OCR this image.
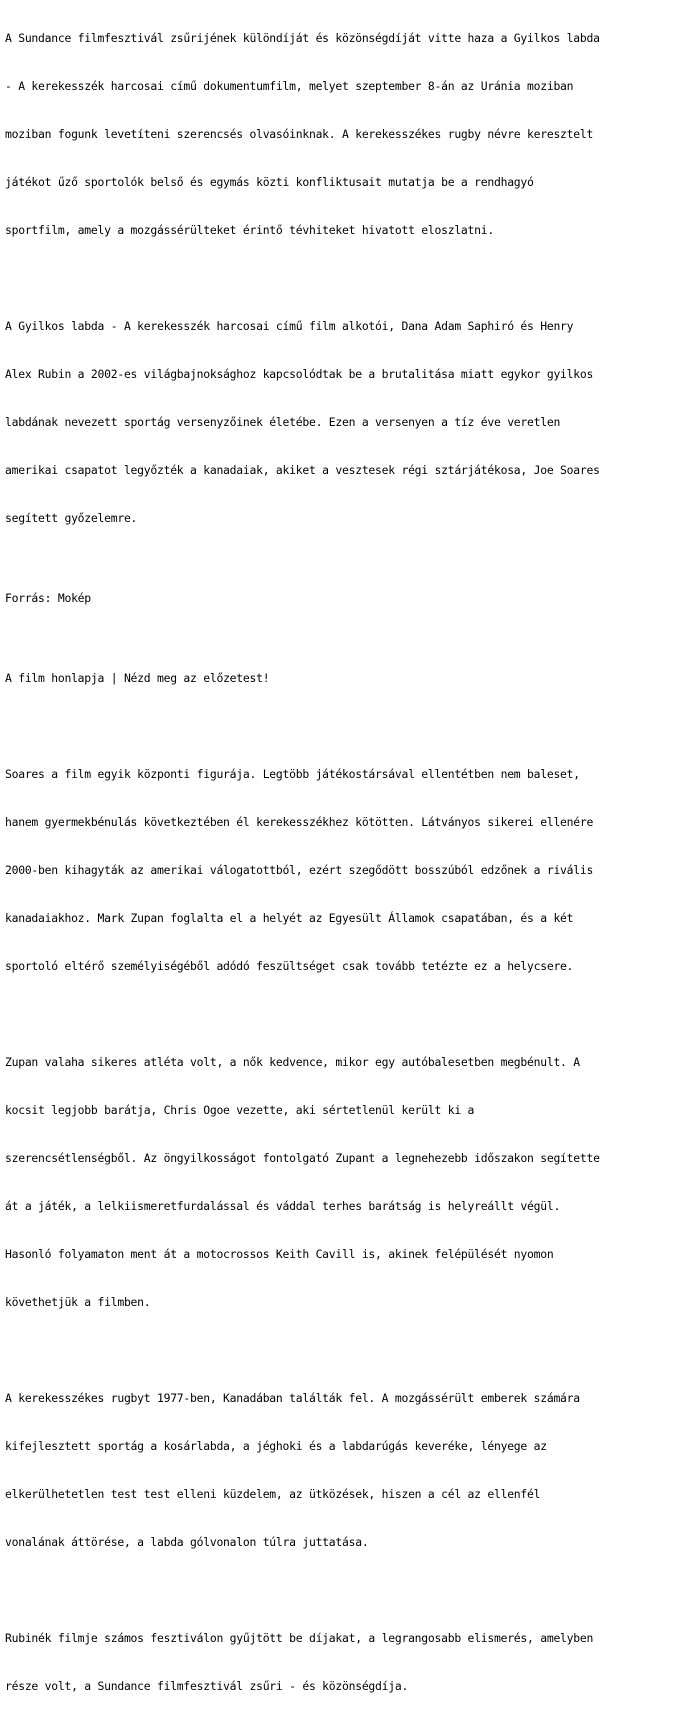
A Sundance filmfesztivál zsűrijének különdíját és közönségdíját vitte haza a Gyilkos labda

- A kerekesszék harcosai című dokumentumfilm, melyet szeptember 8-án az Uránia moziban

moziban fogunk levetíteni szerencsés olvasóinknak. A kerekesszékes rugby névre keresztelt

játékot űző sportolók belső és egymás közti konfliktusait mutatja be a rendhagyó

sportfilm, amely a mozgássérülteket érintő tévhiteket hivatott eloszlatni.

A Gyilkos labda - A kerekesszék harcosai című film alkotói, Dana Adam Saphiró és Henry

Alex Rubin a 2002-es világbajnoksághoz kapcsolódtak be a brutalitása miatt egykor gyilkos

labdának nevezett sportág versenyzőinek életébe. Ezen a versenyen a tíz éve veretlen

amerikai csapatot legyőzték a kanadaiak, akiket a vesztesek régi sztárjátékosa, Joe Soares

segített győzelemre.

Forrás: Mokép

A film honlapja | Nézd meg az előzetest!

Soares a film egyik központi figurája. Legtöbb játékostársával ellentétben nem baleset,

hanem gyermekbénulás következtében él kerekesszékhez kötötten. Látványos sikerei ellenére

2000-ben kihagyták az amerikai válogatottból, ezért szegődött bosszúból edzőnek a rivális

kanadaiakhoz. Mark Zupan foglalta el a helyét az Egyesült Államok csapatában, és a két

sportoló eltérő személyiségéből adódó feszültséget csak tovább tetézte ez a helycsere.

Zupan valaha sikeres atléta volt, a nők kedvence, mikor egy autóbalesetben megbénult. A

kocsit legjobb barátja, Chris Ogoe vezette, aki sértetlenül került ki a

szerencsétlenségből. Az öngyilkosságot fontolgató Zupant a legnehezebb időszakon segítette

át a játék, a lelkiismeretfurdalással és váddal terhes barátság is helyreállt végül.

Hasonló folyamaton ment át a motocrossos Keith Cavill is, akinek felépülését nyomon

követhetjük a filmben.

A kerekesszékes rugbyt 1977-ben, Kanadában találták fel. A mozgássérült emberek számára

kifejlesztett sportág a kosárlabda, a jéghoki és a labdarúgás keveréke, lényege az

elkerülhetetlen test test elleni küzdelem, az ütközések, hiszen a cél az ellenfél

vonalának áttörése, a labda gólvonalon túlra juttatása.

Rubinék filmje számos fesztiválon gyűjtött be díjakat, a legrangosabb elismerés, amelyben

része volt, a Sundance filmfesztivál zsűri - és közönségdíja.
